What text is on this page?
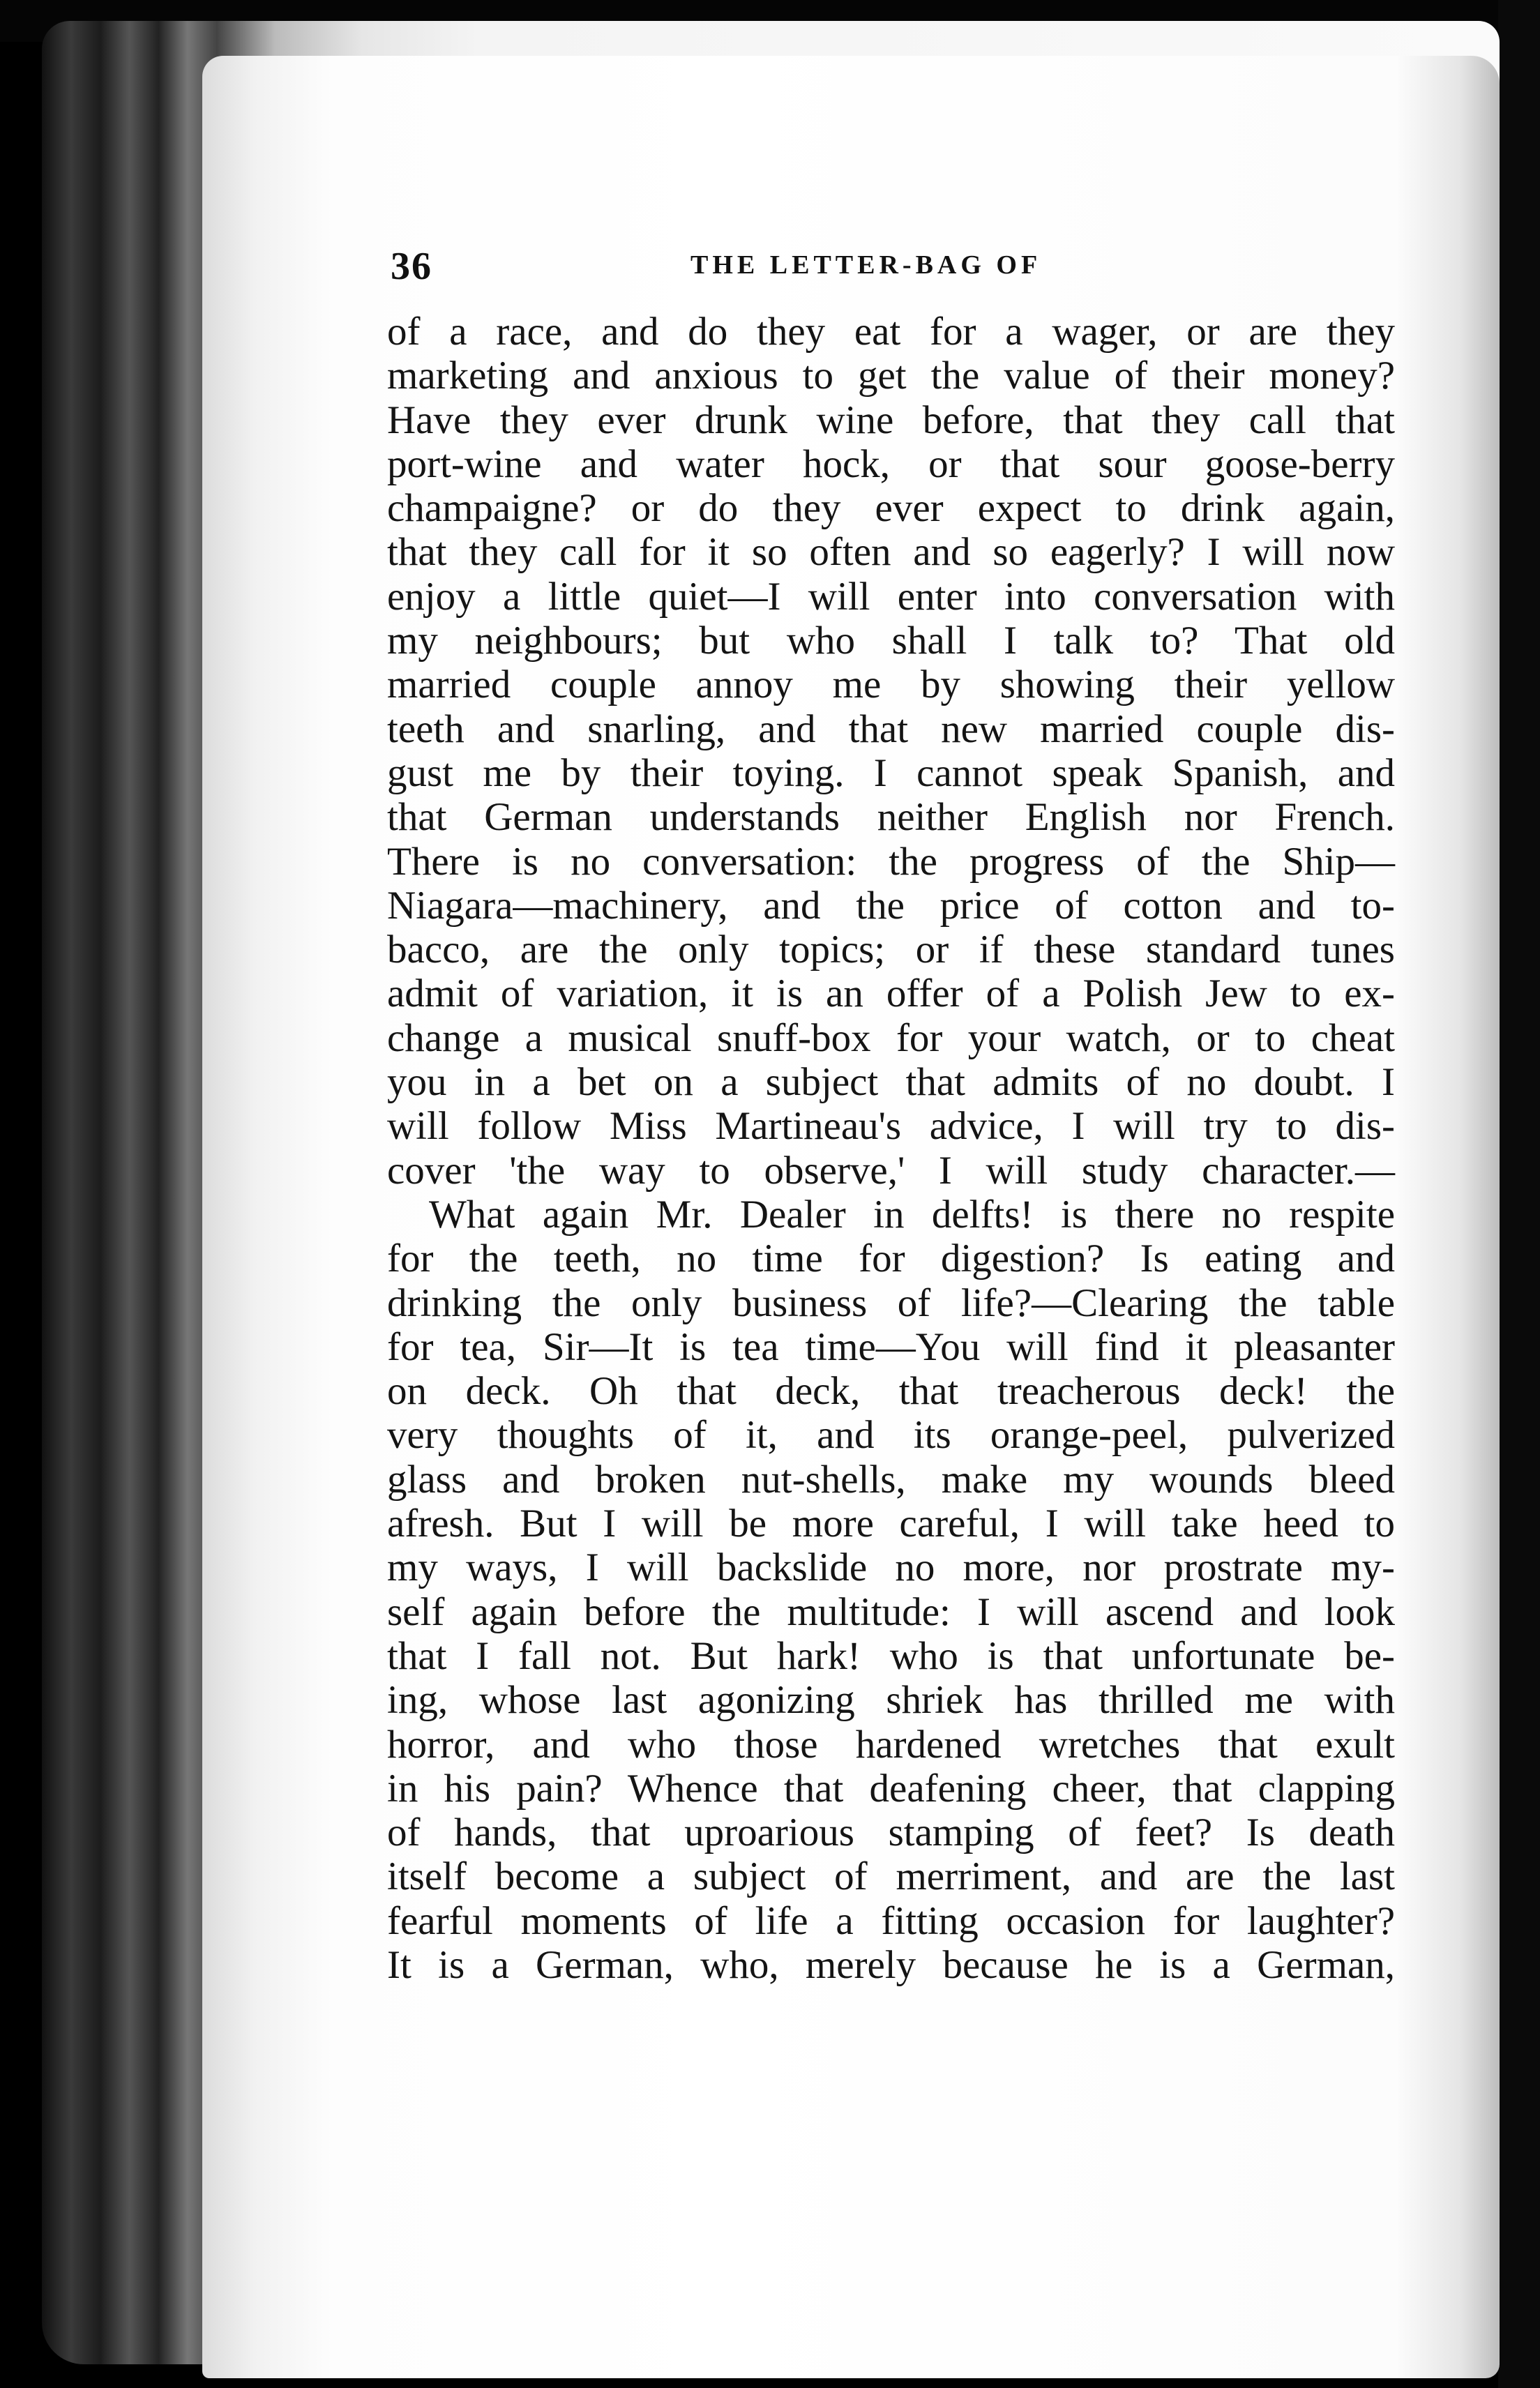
36	THE LETTER-BAG OF
of a race, and do they eat for a wager, or are they
marketing and anxious to get the value of their money?
Have they ever drunk wine before, that they call that
port-wine and water hock, or that sour goose-berry
champaigne? or do they ever expect to drink again,
that they call for it so often and so eagerly? I will now
enjoy a little quiet—I will enter into conversation with
my neighbours; but who shall I talk to? That old
married couple annoy me by showing their yellow
teeth and snarling, and that new married couple dis-
gust me by their toying. I cannot speak Spanish, and
that German understands neither English nor French.
There is no conversation: the progress of the Ship—
Niagara—machinery, and the price of cotton and to-
bacco, are the only topics; or if these standard tunes
admit of variation, it is an offer of a Polish Jew to ex-
change a musical snuff-box for your watch, or to cheat
you in a bet on a subject that admits of no doubt. I
will follow Miss Martineau's advice, I will try to dis-
cover 'the way to observe,' I will study character.—
What again Mr. Dealer in delfts! is there no respite
for the teeth, no time for digestion? Is eating and
drinking the only business of life?—Clearing the table
for tea, Sir—It is tea time—You will find it pleasanter
on deck. Oh that deck, that treacherous deck! the
very thoughts of it, and its orange-peel, pulverized
glass and broken nut-shells, make my wounds bleed
afresh. But I will be more careful, I will take heed to
my ways, I will backslide no more, nor prostrate my-
self again before the multitude: I will ascend and look
that I fall not. But hark! who is that unfortunate be-
ing, whose last agonizing shriek has thrilled me with
horror, and who those hardened wretches that exult
in his pain? Whence that deafening cheer, that clapping
of hands, that uproarious stamping of feet? Is death
itself become a subject of merriment, and are the last
fearful moments of life a fitting occasion for laughter?
It is a German, who, merely because he is a German,
